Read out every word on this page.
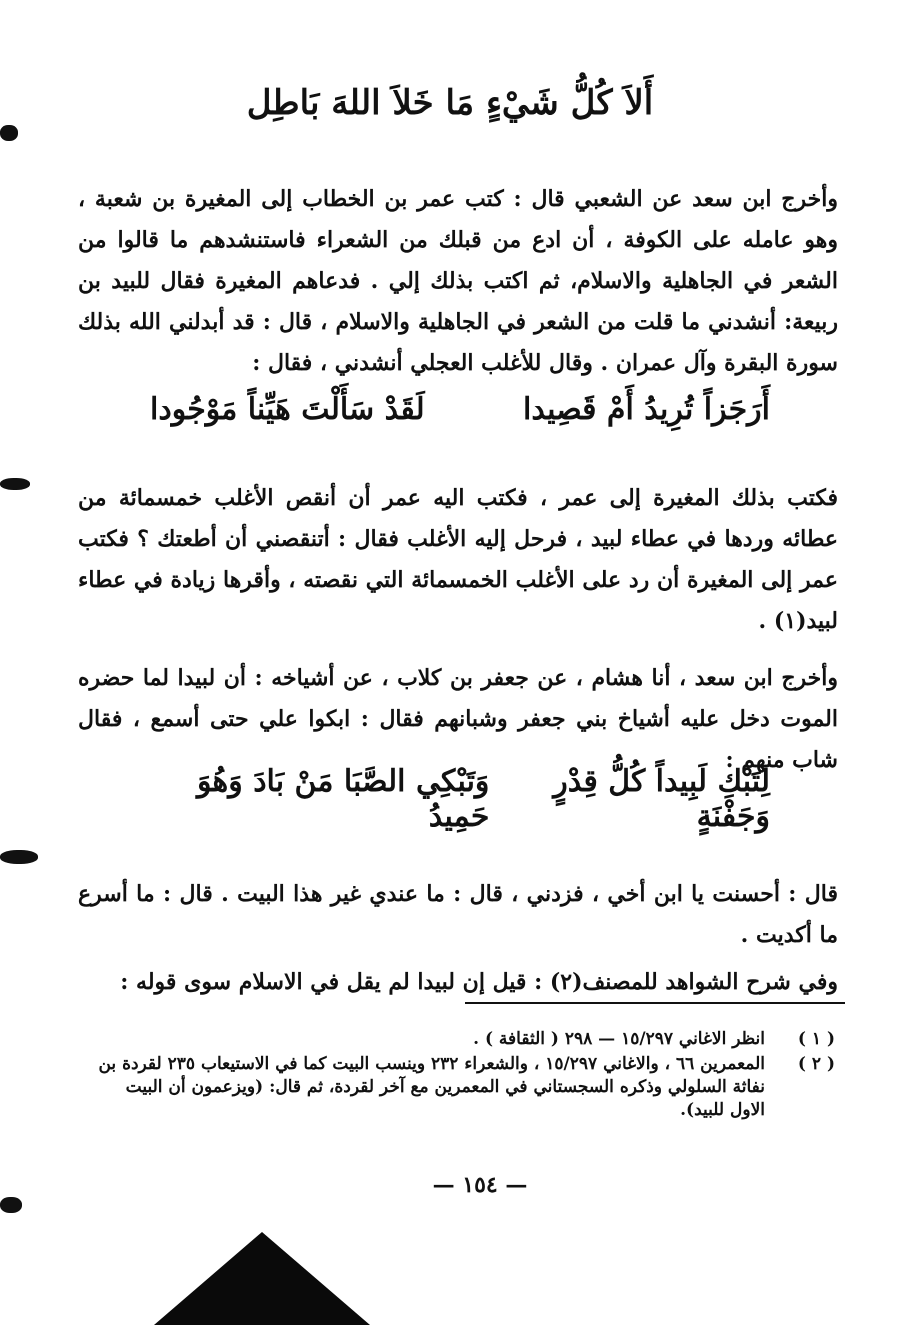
أَلاَ كُلُّ شَيْءٍ مَا خَلاَ اللهَ بَاطِل

وأخرج ابن سعد عن الشعبي قال : كتب عمر بن الخطاب إلى المغيرة بن شعبة ، وهو عامله على الكوفة ، أن ادع من قبلك من الشعراء فاستنشدهم ما قالوا من الشعر في الجاهلية والاسلام، ثم اكتب بذلك إلي . فدعاهم المغيرة فقال للبيد بن ربيعة: أنشدني ما قلت من الشعر في الجاهلية والاسلام ، قال : قد أبدلني الله بذلك سورة البقرة وآل عمران . وقال للأغلب العجلي أنشدني ، فقال :

أَرَجَزاً تُرِيدُ أَمْ قَصِيدا
لَقَدْ سَأَلْتَ هَيِّناً مَوْجُودا

فكتب بذلك المغيرة إلى عمر ، فكتب اليه عمر أن أنقص الأغلب خمسمائة من عطائه وردها في عطاء لبيد ، فرحل إليه الأغلب فقال : أتنقصني أن أطعتك ؟ فكتب عمر إلى المغيرة أن رد على الأغلب الخمسمائة التي نقصته ، وأقرها زيادة في عطاء لبيد(١) .

وأخرج ابن سعد ، أنا هشام ، عن جعفر بن كلاب ، عن أشياخه : أن لبيدا لما حضره الموت دخل عليه أشياخ بني جعفر وشبانهم فقال : ابكوا علي حتى أسمع ، فقال شاب منهم :

لِتَبْكِ لَبِيداً كُلُّ قِدْرٍ وَجَفْنَةٍ
وَتَبْكِي الصَّبَا مَنْ بَادَ وَهُوَ حَمِيدُ

قال : أحسنت يا ابن أخي ، فزدني ، قال : ما عندي غير هذا البيت . قال : ما أسرع ما أكديت .

وفي شرح الشواهد للمصنف(٢) : قيل إن لبيدا لم يقل في الاسلام سوى قوله :

( ١ )
انظر الاغاني ١٥/٢٩٧ — ٢٩٨ ( الثقافة ) .
( ٢ )
المعمرين ٦٦ ، والاغاني ١٥/٢٩٧ ، والشعراء ٢٣٢ وينسب البيت كما في الاستيعاب ٢٣٥ لقردة بن نفاثة السلولي وذكره السجستاني في المعمرين مع آخر لقردة، ثم قال: (ويزعمون أن البيت الاول للبيد).
— ١٥٤ —
